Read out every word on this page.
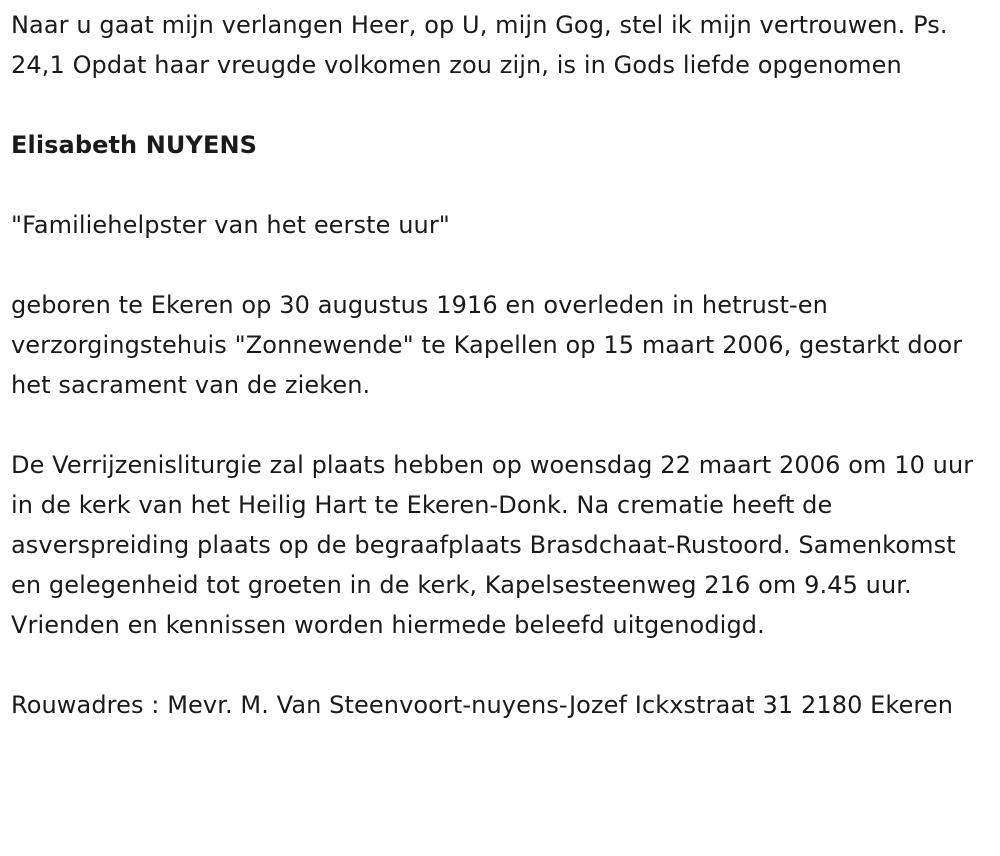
Naar u gaat mijn verlangen Heer, op U, mijn Gog, stel ik mijn vertrouwen. Ps. 24,1 Opdat haar vreugde volkomen zou zijn, is in Gods liefde opgenomen

Elisabeth NUYENS

"Familiehelpster van het eerste uur"

geboren te Ekeren op 30 augustus 1916 en overleden in hetrust-en verzorgingstehuis "Zonnewende" te Kapellen op 15 maart 2006, gestarkt door het sacrament van de zieken.

De Verrijzenisliturgie zal plaats hebben op woensdag 22 maart 2006 om 10 uur in de kerk van het Heilig Hart te Ekeren-Donk. Na crematie heeft de asverspreiding plaats op de begraafplaats Brasdchaat-Rustoord. Samenkomst en gelegenheid tot groeten in de kerk, Kapelsesteenweg 216 om 9.45 uur. Vrienden en kennissen worden hiermede beleefd uitgenodigd.

Rouwadres : Mevr. M. Van Steenvoort-nuyens-Jozef Ickxstraat 31 2180 Ekeren
